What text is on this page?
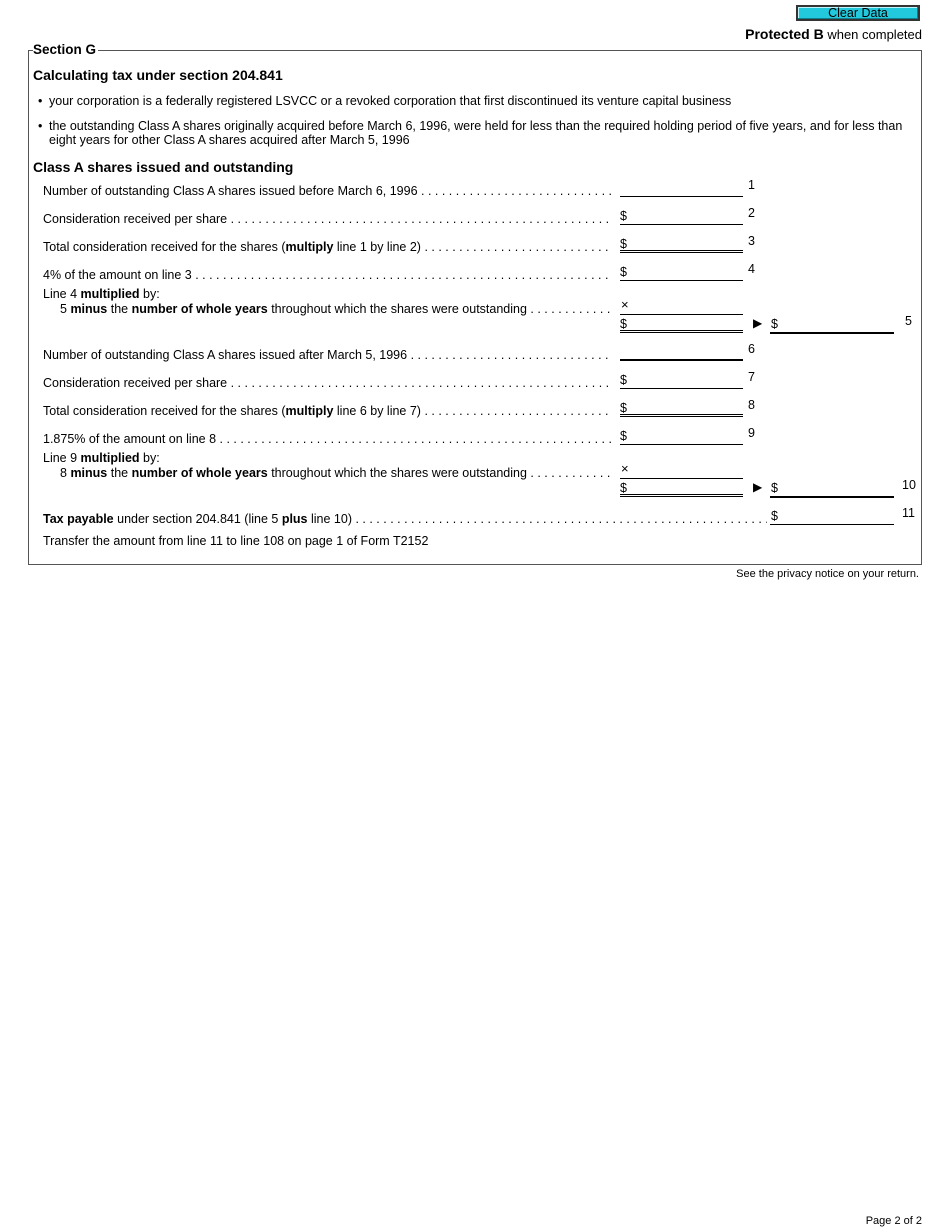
Clear Data
Protected B when completed
Section G
Calculating tax under section 204.841
• your corporation is a federally registered LSVCC or a revoked corporation that first discontinued its venture capital business
• the outstanding Class A shares originally acquired before March 6, 1996, were held for less than the required holding period of five years, and for less than eight years for other Class A shares acquired after March 5, 1996
Class A shares issued and outstanding
Number of outstanding Class A shares issued before March 6, 1996 . . .	1
Consideration received per share . . .	$	2
Total consideration received for the shares (multiply line 1 by line 2) . . .	$	3
4% of the amount on line 3 . . .	$	4
Line 4 multiplied by:
5 minus the number of whole years throughout which the shares were outstanding . . .	×
$	▶ $	5
Number of outstanding Class A shares issued after March 5, 1996 . . .	6
Consideration received per share . . .	$	7
Total consideration received for the shares (multiply line 6 by line 7) . . .	$	8
1.875% of the amount on line 8 . . .	$	9
Line 9 multiplied by:
8 minus the number of whole years throughout which the shares were outstanding . . .	×
$	▶ $	10
Tax payable under section 204.841 (line 5 plus line 10) . . .	$	11
Transfer the amount from line 11 to line 108 on page 1 of Form T2152
See the privacy notice on your return.
Page 2 of 2
